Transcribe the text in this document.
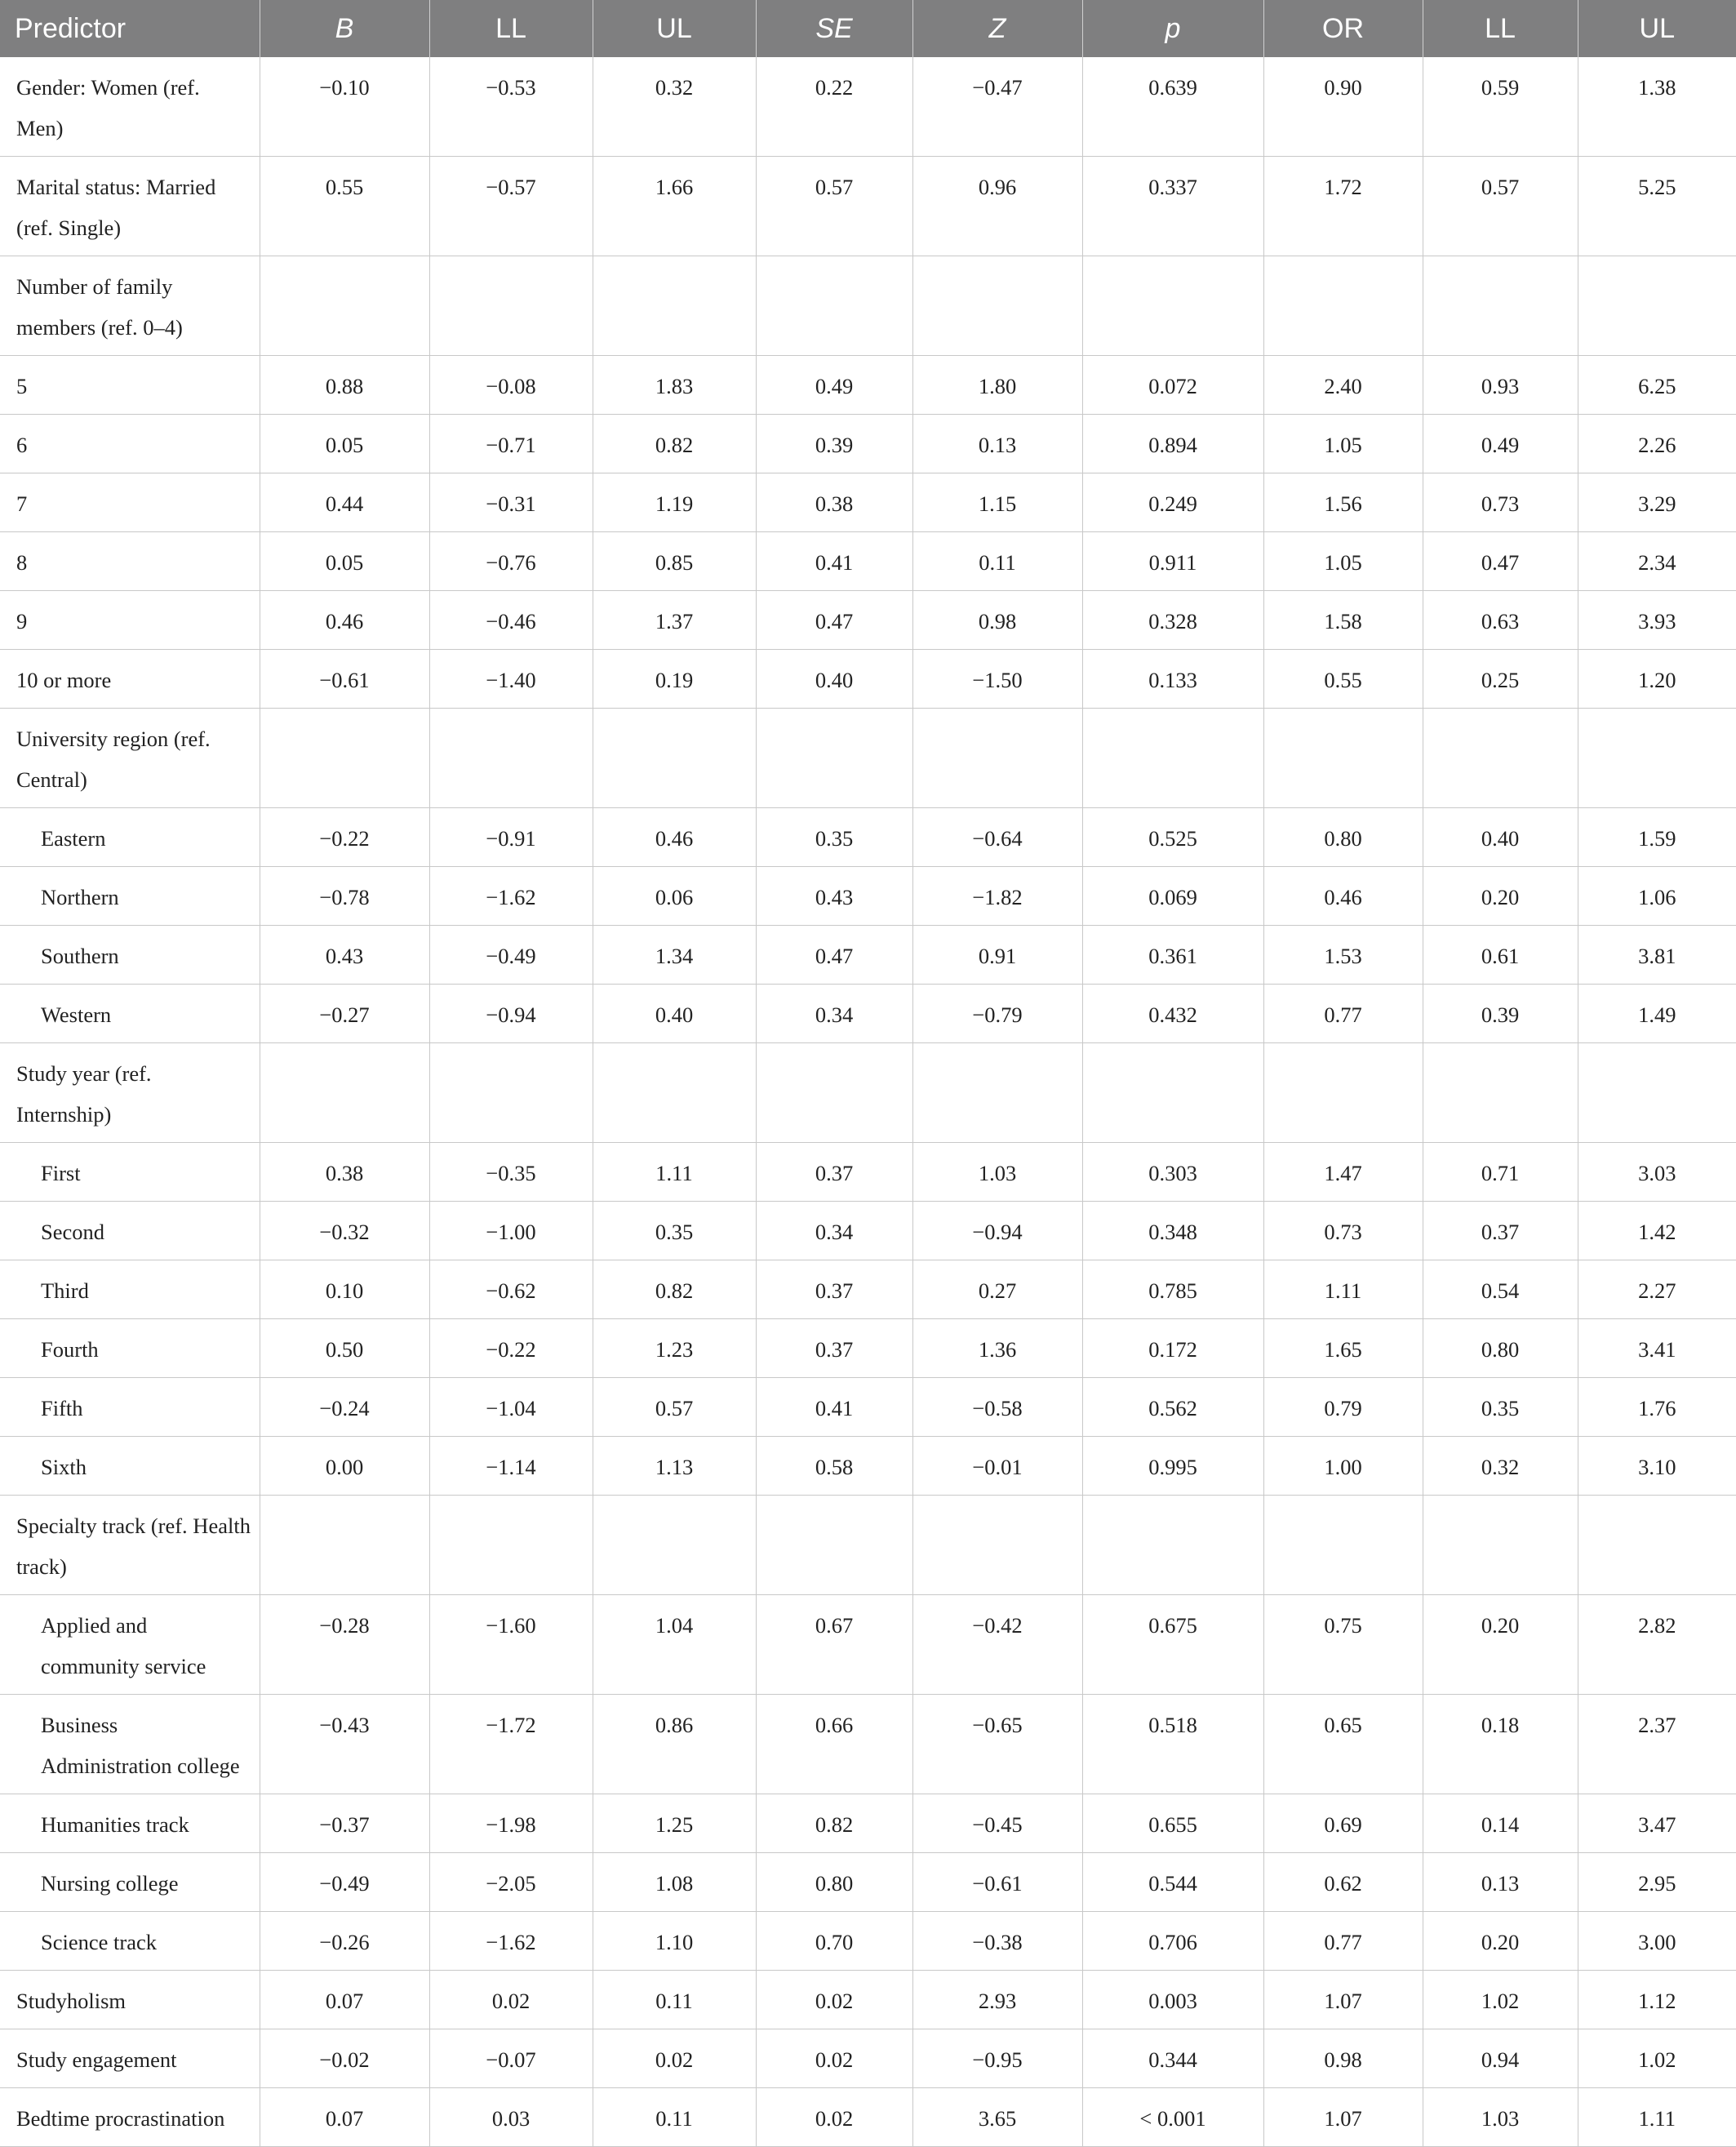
Predictor	B	LL	UL	SE	Z	p	OR	LL	UL
Gender: Women (ref. Men)	−0.10	−0.53	0.32	0.22	−0.47	0.639	0.90	0.59	1.38
Marital status: Married (ref. Single)	0.55	−0.57	1.66	0.57	0.96	0.337	1.72	0.57	5.25
Number of family members (ref. 0–4)									
5	0.88	−0.08	1.83	0.49	1.80	0.072	2.40	0.93	6.25
6	0.05	−0.71	0.82	0.39	0.13	0.894	1.05	0.49	2.26
7	0.44	−0.31	1.19	0.38	1.15	0.249	1.56	0.73	3.29
8	0.05	−0.76	0.85	0.41	0.11	0.911	1.05	0.47	2.34
9	0.46	−0.46	1.37	0.47	0.98	0.328	1.58	0.63	3.93
10 or more	−0.61	−1.40	0.19	0.40	−1.50	0.133	0.55	0.25	1.20
University region (ref. Central)									
Eastern	−0.22	−0.91	0.46	0.35	−0.64	0.525	0.80	0.40	1.59
Northern	−0.78	−1.62	0.06	0.43	−1.82	0.069	0.46	0.20	1.06
Southern	0.43	−0.49	1.34	0.47	0.91	0.361	1.53	0.61	3.81
Western	−0.27	−0.94	0.40	0.34	−0.79	0.432	0.77	0.39	1.49
Study year (ref. Internship)									
First	0.38	−0.35	1.11	0.37	1.03	0.303	1.47	0.71	3.03
Second	−0.32	−1.00	0.35	0.34	−0.94	0.348	0.73	0.37	1.42
Third	0.10	−0.62	0.82	0.37	0.27	0.785	1.11	0.54	2.27
Fourth	0.50	−0.22	1.23	0.37	1.36	0.172	1.65	0.80	3.41
Fifth	−0.24	−1.04	0.57	0.41	−0.58	0.562	0.79	0.35	1.76
Sixth	0.00	−1.14	1.13	0.58	−0.01	0.995	1.00	0.32	3.10
Specialty track (ref. Health track)									
Applied and community service	−0.28	−1.60	1.04	0.67	−0.42	0.675	0.75	0.20	2.82
Business Administration college	−0.43	−1.72	0.86	0.66	−0.65	0.518	0.65	0.18	2.37
Humanities track	−0.37	−1.98	1.25	0.82	−0.45	0.655	0.69	0.14	3.47
Nursing college	−0.49	−2.05	1.08	0.80	−0.61	0.544	0.62	0.13	2.95
Science track	−0.26	−1.62	1.10	0.70	−0.38	0.706	0.77	0.20	3.00
Studyholism	0.07	0.02	0.11	0.02	2.93	0.003	1.07	1.02	1.12
Study engagement	−0.02	−0.07	0.02	0.02	−0.95	0.344	0.98	0.94	1.02
Bedtime procrastination	0.07	0.03	0.11	0.02	3.65	< 0.001	1.07	1.03	1.11
